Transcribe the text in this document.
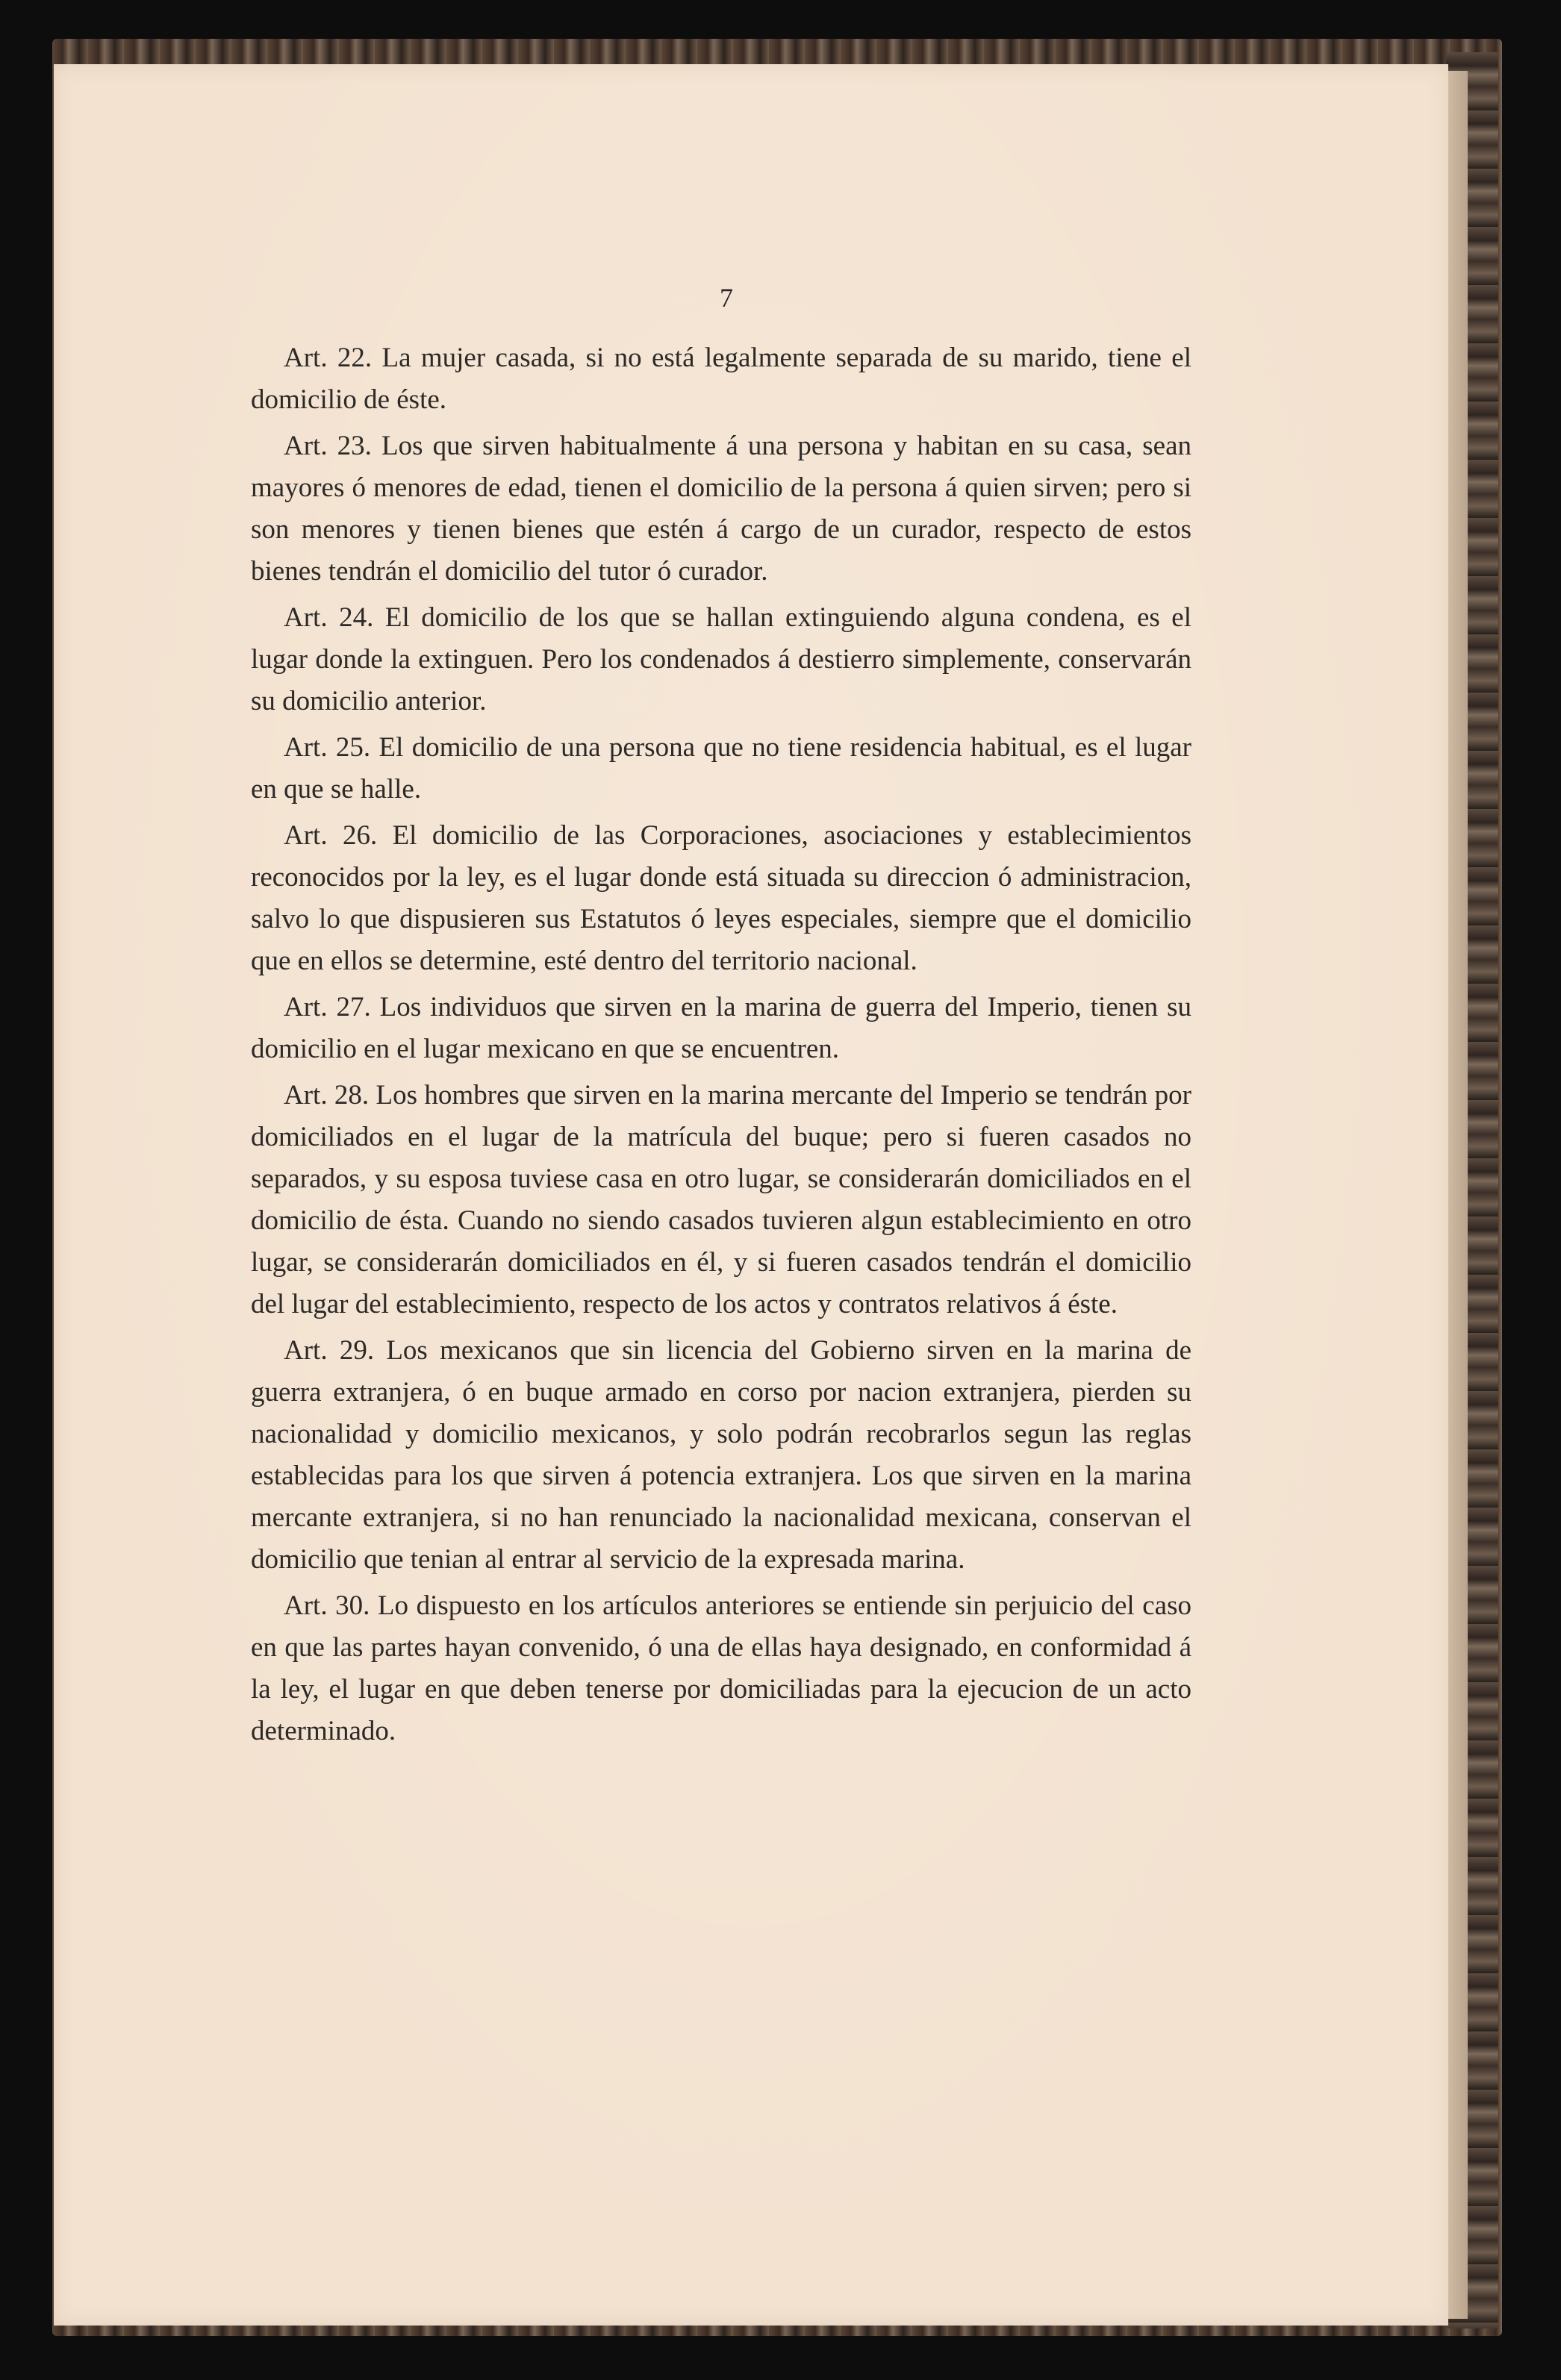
7

Art. 22. La mujer casada, si no está legalmente separada de su marido, tiene el domicilio de éste.

Art. 23. Los que sirven habitualmente á una persona y habitan en su casa, sean mayores ó menores de edad, tienen el domicilio de la persona á quien sirven; pero si son menores y tienen bienes que estén á cargo de un curador, respecto de estos bienes tendrán el domicilio del tutor ó curador.

Art. 24. El domicilio de los que se hallan extinguiendo alguna condena, es el lugar donde la extinguen. Pero los condenados á destierro simplemente, conservarán su domicilio anterior.

Art. 25. El domicilio de una persona que no tiene residencia habitual, es el lugar en que se halle.

Art. 26. El domicilio de las Corporaciones, asociaciones y establecimientos reconocidos por la ley, es el lugar donde está situada su direccion ó administracion, salvo lo que dispusieren sus Estatutos ó leyes especiales, siempre que el domicilio que en ellos se determine, esté dentro del territorio nacional.

Art. 27. Los individuos que sirven en la marina de guerra del Imperio, tienen su domicilio en el lugar mexicano en que se encuentren.

Art. 28. Los hombres que sirven en la marina mercante del Imperio se tendrán por domiciliados en el lugar de la matrícula del buque; pero si fueren casados no separados, y su esposa tuviese casa en otro lugar, se considerarán domiciliados en el domicilio de ésta. Cuando no siendo casados tuvieren algun establecimiento en otro lugar, se considerarán domiciliados en él, y si fueren casados tendrán el domicilio del lugar del establecimiento, respecto de los actos y contratos relativos á éste.

Art. 29. Los mexicanos que sin licencia del Gobierno sirven en la marina de guerra extranjera, ó en buque armado en corso por nacion extranjera, pierden su nacionalidad y domicilio mexicanos, y solo podrán recobrarlos segun las reglas establecidas para los que sirven á potencia extranjera. Los que sirven en la marina mercante extranjera, si no han renunciado la nacionalidad mexicana, conservan el domicilio que tenian al entrar al servicio de la expresada marina.

Art. 30. Lo dispuesto en los artículos anteriores se entiende sin perjuicio del caso en que las partes hayan convenido, ó una de ellas haya designado, en conformidad á la ley, el lugar en que deben tenerse por domiciliadas para la ejecucion de un acto determinado.
